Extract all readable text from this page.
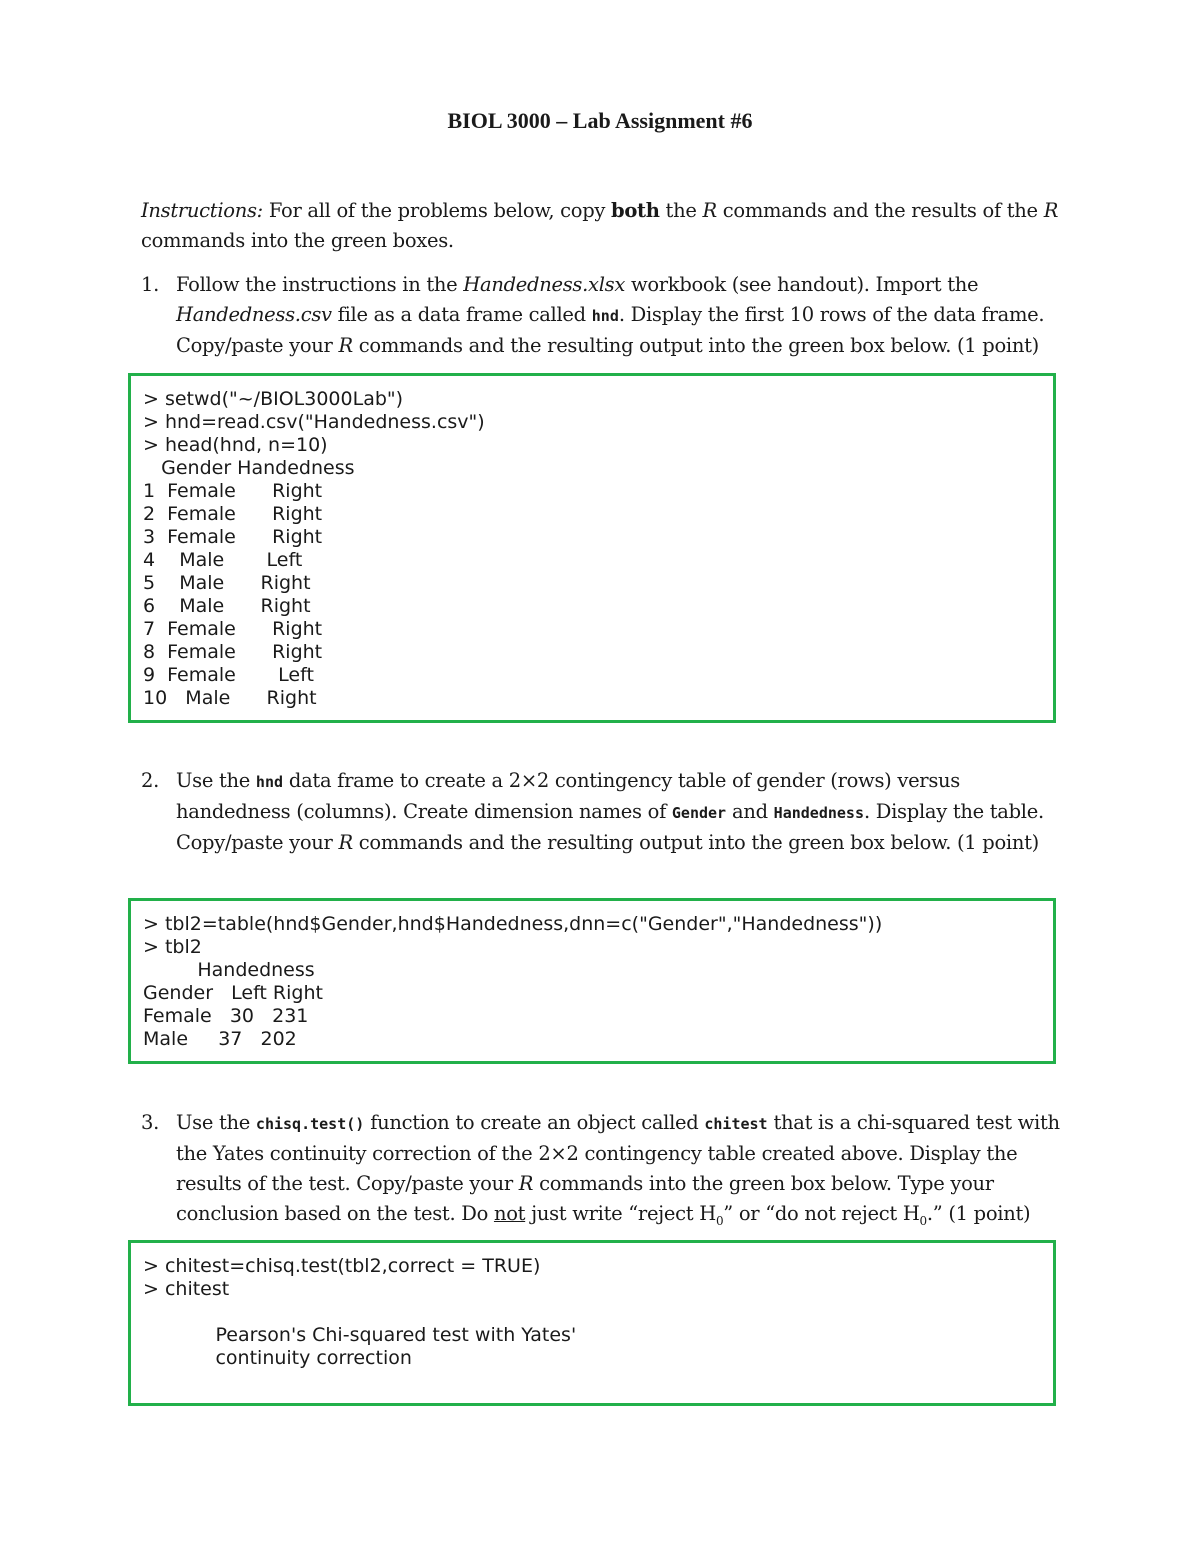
BIOL 3000 – Lab Assignment #6
Instructions: For all of the problems below, copy both the R commands and the results of the R commands into the green boxes.
1. Follow the instructions in the Handedness.xlsx workbook (see handout). Import the Handedness.csv file as a data frame called hnd. Display the first 10 rows of the data frame. Copy/paste your R commands and the resulting output into the green box below. (1 point)
> setwd("~/BIOL3000Lab")
> hnd=read.csv("Handedness.csv")
> head(hnd, n=10)
Gender Handedness
1  Female      Right
2  Female      Right
3  Female      Right
4    Male       Left
5    Male      Right
6    Male      Right
7  Female      Right
8  Female      Right
9  Female       Left
10   Male      Right
2. Use the hnd data frame to create a 2×2 contingency table of gender (rows) versus handedness (columns). Create dimension names of Gender and Handedness. Display the table. Copy/paste your R commands and the resulting output into the green box below. (1 point)
> tbl2=table(hnd$Gender,hnd$Handedness,dnn=c("Gender","Handedness"))
> tbl2
Handedness
Gender   Left Right
Female   30   231
Male     37   202
3. Use the chisq.test() function to create an object called chitest that is a chi-squared test with the Yates continuity correction of the 2×2 contingency table created above. Display the results of the test. Copy/paste your R commands into the green box below. Type your conclusion based on the test. Do not just write “reject $H_0$” or “do not reject $H_0$.” (1 point)
> chitest=chisq.test(tbl2,correct = TRUE)
> chitest

Pearson's Chi-squared test with Yates'
continuity correction
